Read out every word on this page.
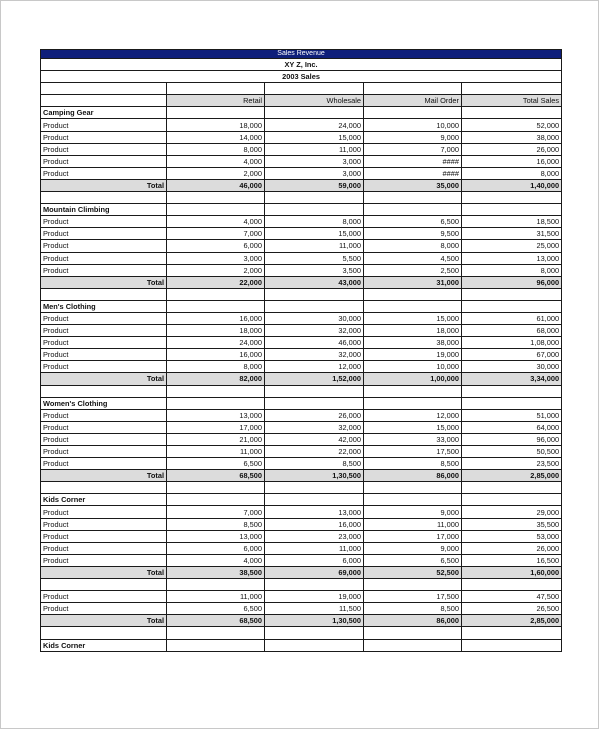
Sales Revenue				
XY Z, Inc.				
2003 Sales				

	Retail	Wholesale	Mail Order	Total Sales
Camping Gear				
Product	18,000	24,000	10,000	52,000
Product	14,000	15,000	9,000	38,000
Product	8,000	11,000	7,000	26,000
Product	4,000	3,000	####	16,000
Product	2,000	3,000	####	8,000
Total	46,000	59,000	35,000	1,40,000

Mountain Climbing				
Product	4,000	8,000	6,500	18,500
Product	7,000	15,000	9,500	31,500
Product	6,000	11,000	8,000	25,000
Product	3,000	5,500	4,500	13,000
Product	2,000	3,500	2,500	8,000
Total	22,000	43,000	31,000	96,000

Men's Clothing				
Product	16,000	30,000	15,000	61,000
Product	18,000	32,000	18,000	68,000
Product	24,000	46,000	38,000	1,08,000
Product	16,000	32,000	19,000	67,000
Product	8,000	12,000	10,000	30,000
Total	82,000	1,52,000	1,00,000	3,34,000

Women's Clothing				
Product	13,000	26,000	12,000	51,000
Product	17,000	32,000	15,000	64,000
Product	21,000	42,000	33,000	96,000
Product	11,000	22,000	17,500	50,500
Product	6,500	8,500	8,500	23,500
Total	68,500	1,30,500	86,000	2,85,000

Kids Corner				
Product	7,000	13,000	9,000	29,000
Product	8,500	16,000	11,000	35,500
Product	13,000	23,000	17,000	53,000
Product	6,000	11,000	9,000	26,000
Product	4,000	6,000	6,500	16,500
Total	38,500	69,000	52,500	1,60,000

Product	11,000	19,000	17,500	47,500
Product	6,500	11,500	8,500	26,500
Total	68,500	1,30,500	86,000	2,85,000

Kids Corner				
